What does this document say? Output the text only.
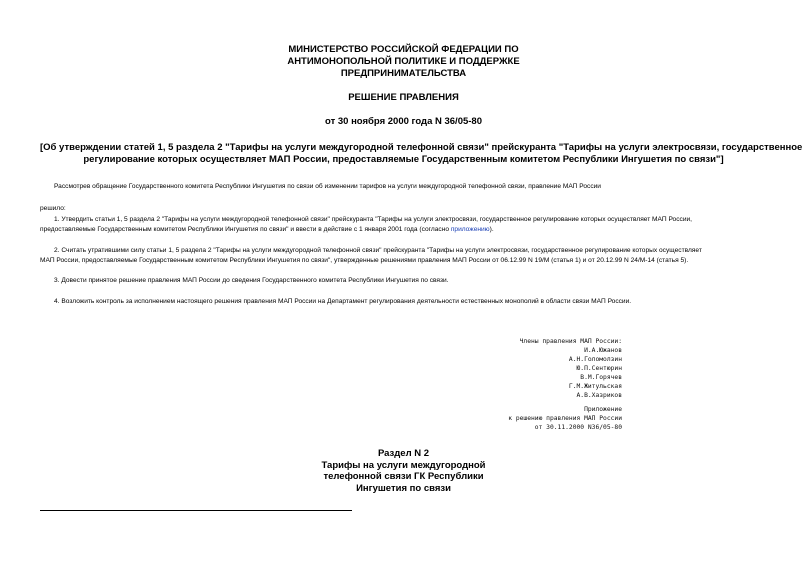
МИНИСТЕРСТВО РОССИЙСКОЙ ФЕДЕРАЦИИ ПО
АНТИМОНОПОЛЬНОЙ ПОЛИТИКЕ И ПОДДЕРЖКЕ
ПРЕДПРИНИМАТЕЛЬСТВА
РЕШЕНИЕ ПРАВЛЕНИЯ
от 30 ноября 2000 года N 36/05-80
[Об утверждении статей 1, 5 раздела 2 "Тарифы на услуги междугородной телефонной связи" прейскуранта "Тарифы на услуги электросвязи, государственное
регулирование которых осуществляет МАП России, предоставляемые Государственным комитетом Республики Ингушетия по связи"]
Рассмотрев обращение Государственного комитета Республики Ингушетия по связи об изменении тарифов на услуги междугородной телефонной связи, правление МАП России
решило:
1. Утвердить статьи 1, 5 раздела 2 "Тарифы на услуги междугородной телефонной связи" прейскуранта "Тарифы на услуги электросвязи, государственное регулирование которых осуществляет МАП России,
предоставляемые Государственным комитетом Республики Ингушетия по связи" и ввести в действие с 1 января 2001 года (согласно приложению).
2. Считать утратившими силу статьи 1, 5 раздела 2 "Тарифы на услуги междугородной телефонной связи" прейскуранта "Тарифы на услуги электросвязи, государственное регулирование которых осуществляет
МАП России, предоставляемые Государственным комитетом Республики Ингушетия по связи", утвержденные решениями правления МАП России от 06.12.99 N 19/М (статья 1) и от 20.12.99 N 24/М-14 (статья 5).
3. Довести принятое решение правления МАП России до сведения Государственного комитета Республики Ингушетия по связи.
4. Возложить контроль за исполнением настоящего решения правления МАП России на Департамент регулирования деятельности естественных монополий в области связи МАП России.
Члены правления МАП России:
И.А.Южанов
А.Н.Голомолзин
Ю.П.Сентюрин
В.М.Горячев
Г.М.Житульская
А.В.Хазриков
Приложение
к решению правления МАП России
от 30.11.2000 N36/05-80
Раздел N 2
Тарифы на услуги междугородной
телефонной связи ГК Республики
Ингушетия по связи
